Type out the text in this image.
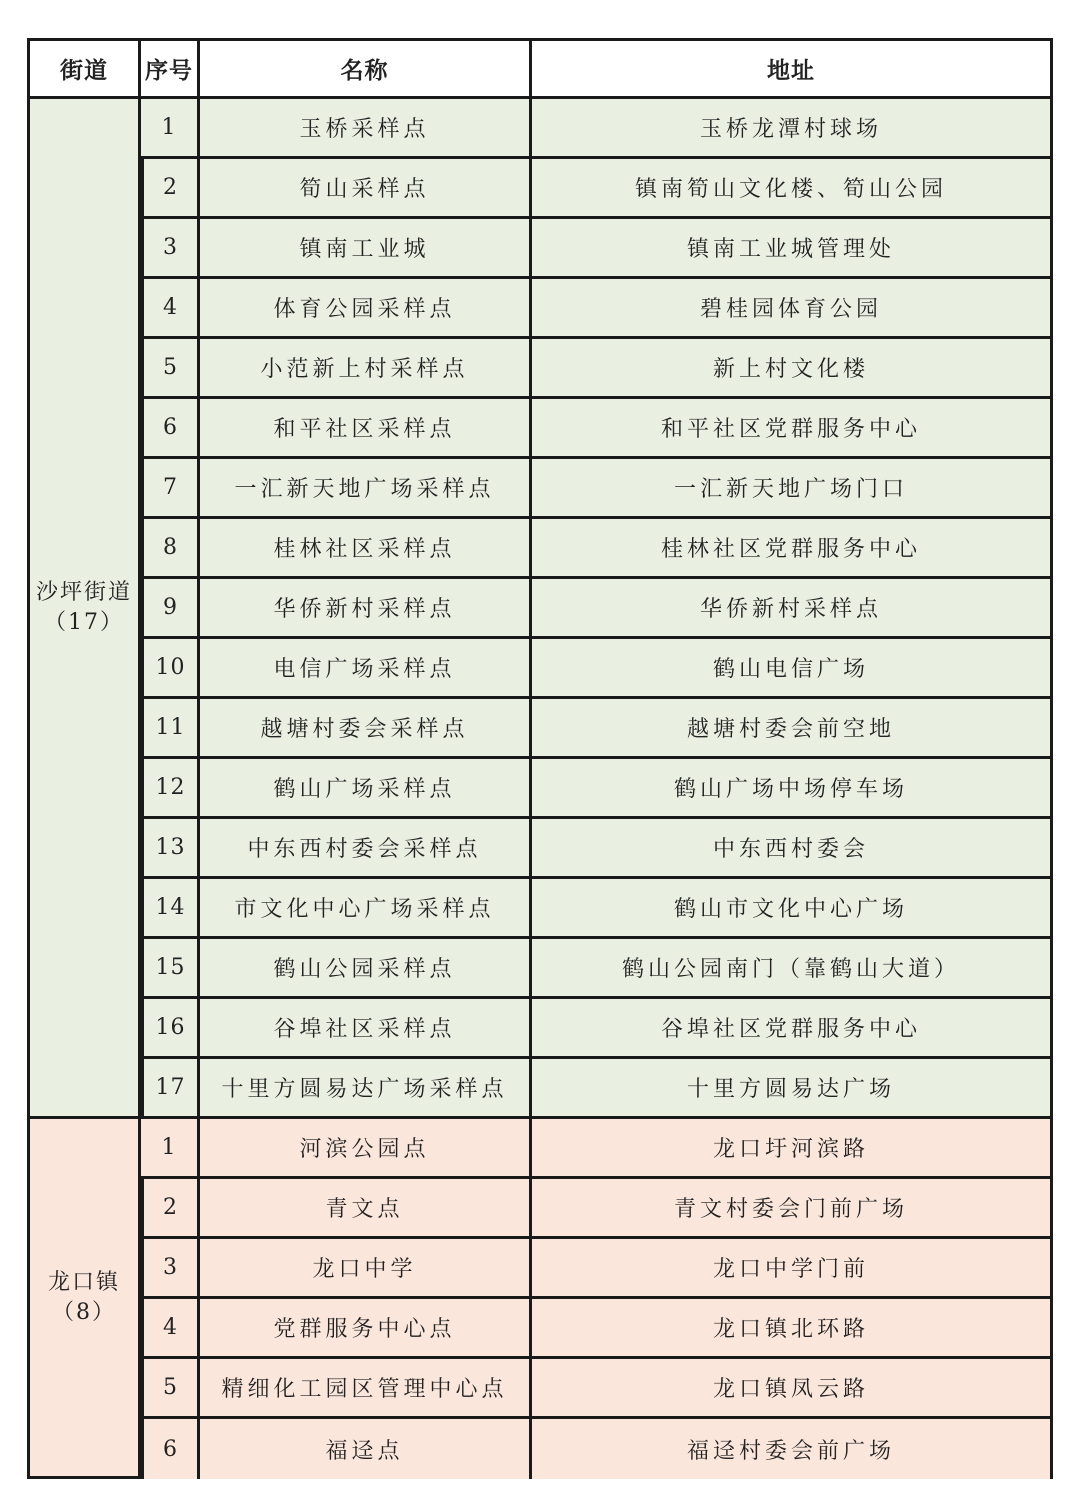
街道	序号	名称	地址

沙坪街道
（17）	1	玉桥采样点	玉桥龙潭村球场
	2	筍山采样点	镇南筍山文化楼、筍山公园
	3	镇南工业城	镇南工业城管理处
	4	体育公园采样点	碧桂园体育公园
	5	小范新上村采样点	新上村文化楼
	6	和平社区采样点	和平社区党群服务中心
	7	一汇新天地广场采样点	一汇新天地广场门口
	8	桂林社区采样点	桂林社区党群服务中心
	9	华侨新村采样点	华侨新村采样点
	10	电信广场采样点	鹤山电信广场
	11	越塘村委会采样点	越塘村委会前空地
	12	鹤山广场采样点	鹤山广场中场停车场
	13	中东西村委会采样点	中东西村委会
	14	市文化中心广场采样点	鹤山市文化中心广场
	15	鹤山公园采样点	鹤山公园南门（靠鹤山大道）
	16	谷埠社区采样点	谷埠社区党群服务中心
	17	十里方圆易达广场采样点	十里方圆易达广场

龙口镇
（8）	1	河滨公园点	龙口圩河滨路
	2	青文点	青文村委会门前广场
	3	龙口中学	龙口中学门前
	4	党群服务中心点	龙口镇北环路
	5	精细化工园区管理中心点	龙口镇凤云路
	6	福迳点	福迳村委会前广场
